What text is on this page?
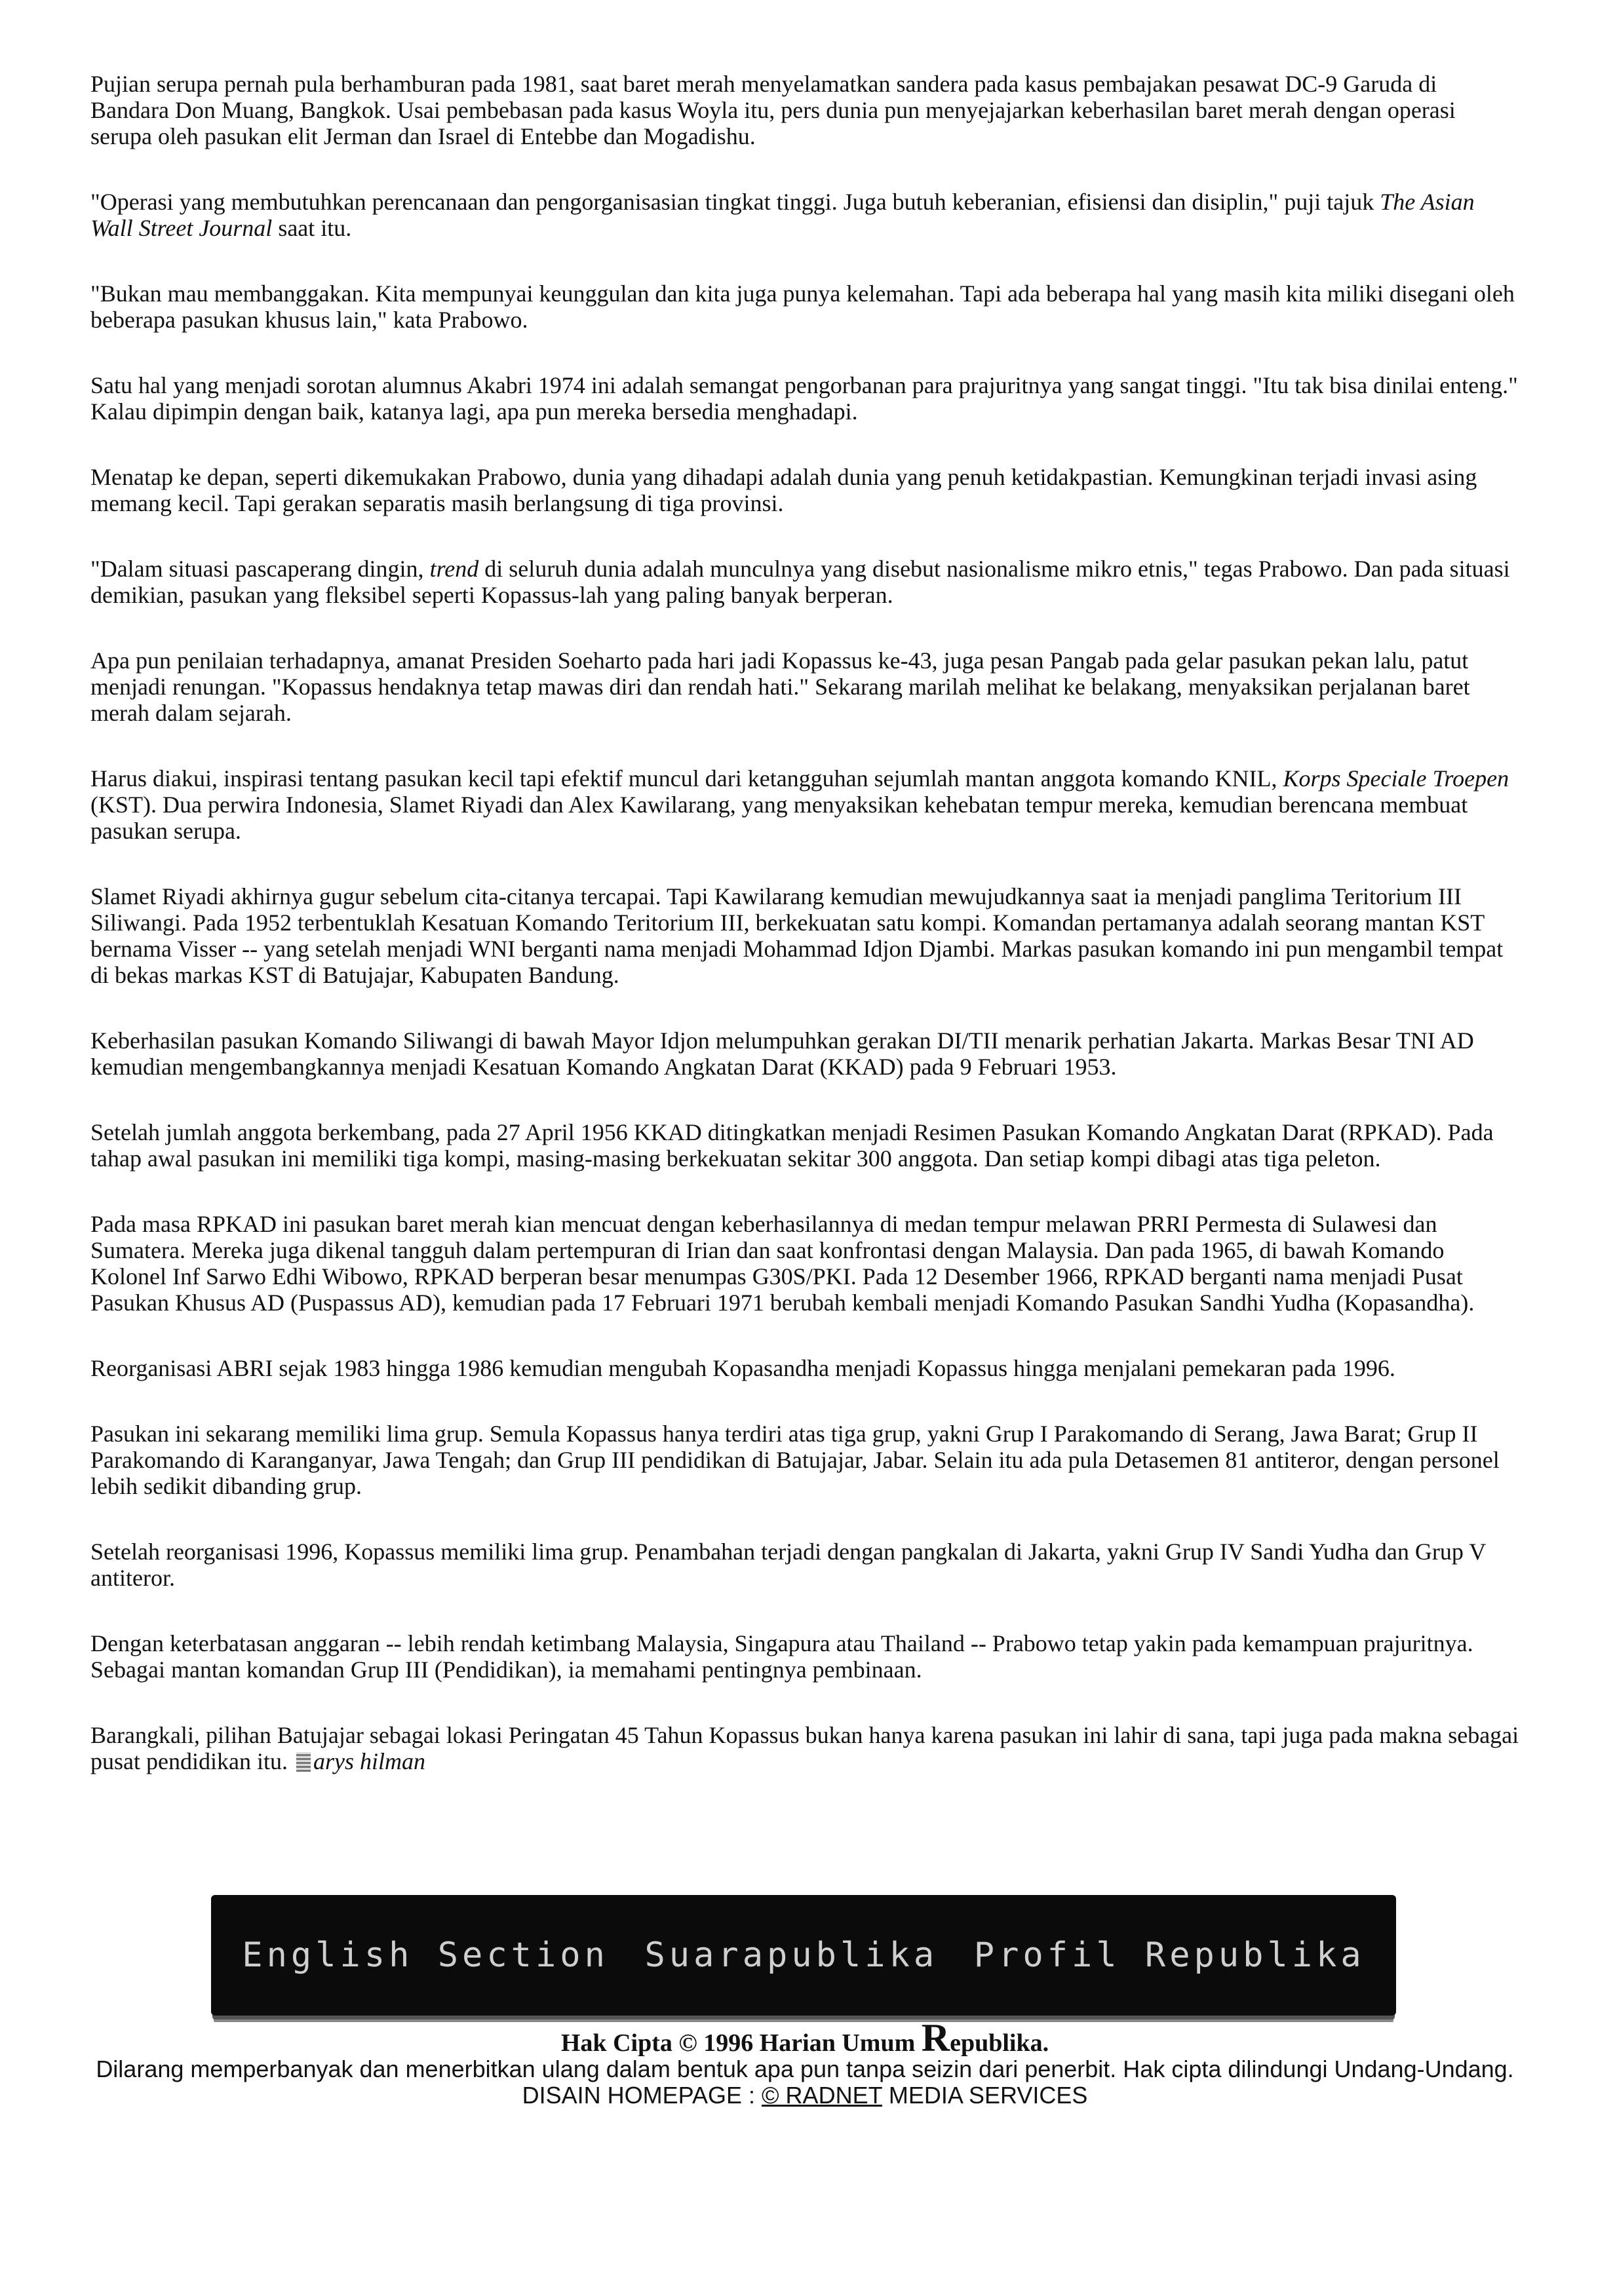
Pujian serupa pernah pula berhamburan pada 1981, saat baret merah menyelamatkan sandera pada kasus pembajakan pesawat DC-9 Garuda di Bandara Don Muang, Bangkok. Usai pembebasan pada kasus Woyla itu, pers dunia pun menyejajarkan keberhasilan baret merah dengan operasi serupa oleh pasukan elit Jerman dan Israel di Entebbe dan Mogadishu.

"Operasi yang membutuhkan perencanaan dan pengorganisasian tingkat tinggi. Juga butuh keberanian, efisiensi dan disiplin," puji tajuk The Asian Wall Street Journal saat itu.

"Bukan mau membanggakan. Kita mempunyai keunggulan dan kita juga punya kelemahan. Tapi ada beberapa hal yang masih kita miliki disegani oleh beberapa pasukan khusus lain," kata Prabowo.

Satu hal yang menjadi sorotan alumnus Akabri 1974 ini adalah semangat pengorbanan para prajuritnya yang sangat tinggi. "Itu tak bisa dinilai enteng." Kalau dipimpin dengan baik, katanya lagi, apa pun mereka bersedia menghadapi.

Menatap ke depan, seperti dikemukakan Prabowo, dunia yang dihadapi adalah dunia yang penuh ketidakpastian. Kemungkinan terjadi invasi asing memang kecil. Tapi gerakan separatis masih berlangsung di tiga provinsi.

"Dalam situasi pascaperang dingin, trend di seluruh dunia adalah munculnya yang disebut nasionalisme mikro etnis," tegas Prabowo. Dan pada situasi demikian, pasukan yang fleksibel seperti Kopassus-lah yang paling banyak berperan.

Apa pun penilaian terhadapnya, amanat Presiden Soeharto pada hari jadi Kopassus ke-43, juga pesan Pangab pada gelar pasukan pekan lalu, patut menjadi renungan. "Kopassus hendaknya tetap mawas diri dan rendah hati." Sekarang marilah melihat ke belakang, menyaksikan perjalanan baret merah dalam sejarah.

Harus diakui, inspirasi tentang pasukan kecil tapi efektif muncul dari ketangguhan sejumlah mantan anggota komando KNIL, Korps Speciale Troepen (KST). Dua perwira Indonesia, Slamet Riyadi dan Alex Kawilarang, yang menyaksikan kehebatan tempur mereka, kemudian berencana membuat pasukan serupa.

Slamet Riyadi akhirnya gugur sebelum cita-citanya tercapai. Tapi Kawilarang kemudian mewujudkannya saat ia menjadi panglima Teritorium III Siliwangi. Pada 1952 terbentuklah Kesatuan Komando Teritorium III, berkekuatan satu kompi. Komandan pertamanya adalah seorang mantan KST bernama Visser -- yang setelah menjadi WNI berganti nama menjadi Mohammad Idjon Djambi. Markas pasukan komando ini pun mengambil tempat di bekas markas KST di Batujajar, Kabupaten Bandung.

Keberhasilan pasukan Komando Siliwangi di bawah Mayor Idjon melumpuhkan gerakan DI/TII menarik perhatian Jakarta. Markas Besar TNI AD kemudian mengembangkannya menjadi Kesatuan Komando Angkatan Darat (KKAD) pada 9 Februari 1953.

Setelah jumlah anggota berkembang, pada 27 April 1956 KKAD ditingkatkan menjadi Resimen Pasukan Komando Angkatan Darat (RPKAD). Pada tahap awal pasukan ini memiliki tiga kompi, masing-masing berkekuatan sekitar 300 anggota. Dan setiap kompi dibagi atas tiga peleton.

Pada masa RPKAD ini pasukan baret merah kian mencuat dengan keberhasilannya di medan tempur melawan PRRI Permesta di Sulawesi dan Sumatera. Mereka juga dikenal tangguh dalam pertempuran di Irian dan saat konfrontasi dengan Malaysia. Dan pada 1965, di bawah Komando Kolonel Inf Sarwo Edhi Wibowo, RPKAD berperan besar menumpas G30S/PKI. Pada 12 Desember 1966, RPKAD berganti nama menjadi Pusat Pasukan Khusus AD (Puspassus AD), kemudian pada 17 Februari 1971 berubah kembali menjadi Komando Pasukan Sandhi Yudha (Kopasandha).

Reorganisasi ABRI sejak 1983 hingga 1986 kemudian mengubah Kopasandha menjadi Kopassus hingga menjalani pemekaran pada 1996.

Pasukan ini sekarang memiliki lima grup. Semula Kopassus hanya terdiri atas tiga grup, yakni Grup I Parakomando di Serang, Jawa Barat; Grup II Parakomando di Karanganyar, Jawa Tengah; dan Grup III pendidikan di Batujajar, Jabar. Selain itu ada pula Detasemen 81 antiteror, dengan personel lebih sedikit dibanding grup.

Setelah reorganisasi 1996, Kopassus memiliki lima grup. Penambahan terjadi dengan pangkalan di Jakarta, yakni Grup IV Sandi Yudha dan Grup V antiteror.

Dengan keterbatasan anggaran -- lebih rendah ketimbang Malaysia, Singapura atau Thailand -- Prabowo tetap yakin pada kemampuan prajuritnya. Sebagai mantan komandan Grup III (Pendidikan), ia memahami pentingnya pembinaan.

Barangkali, pilihan Batujajar sebagai lokasi Peringatan 45 Tahun Kopassus bukan hanya karena pasukan ini lahir di sana, tapi juga pada makna sebagai pusat pendidikan itu. arys hilman

English Section Suarapublika Profil Republika
Hak Cipta © 1996 Harian Umum Republika.
Dilarang memperbanyak dan menerbitkan ulang dalam bentuk apa pun tanpa seizin dari penerbit. Hak cipta dilindungi Undang-Undang.
DISAIN HOMEPAGE : © RADNET MEDIA SERVICES
